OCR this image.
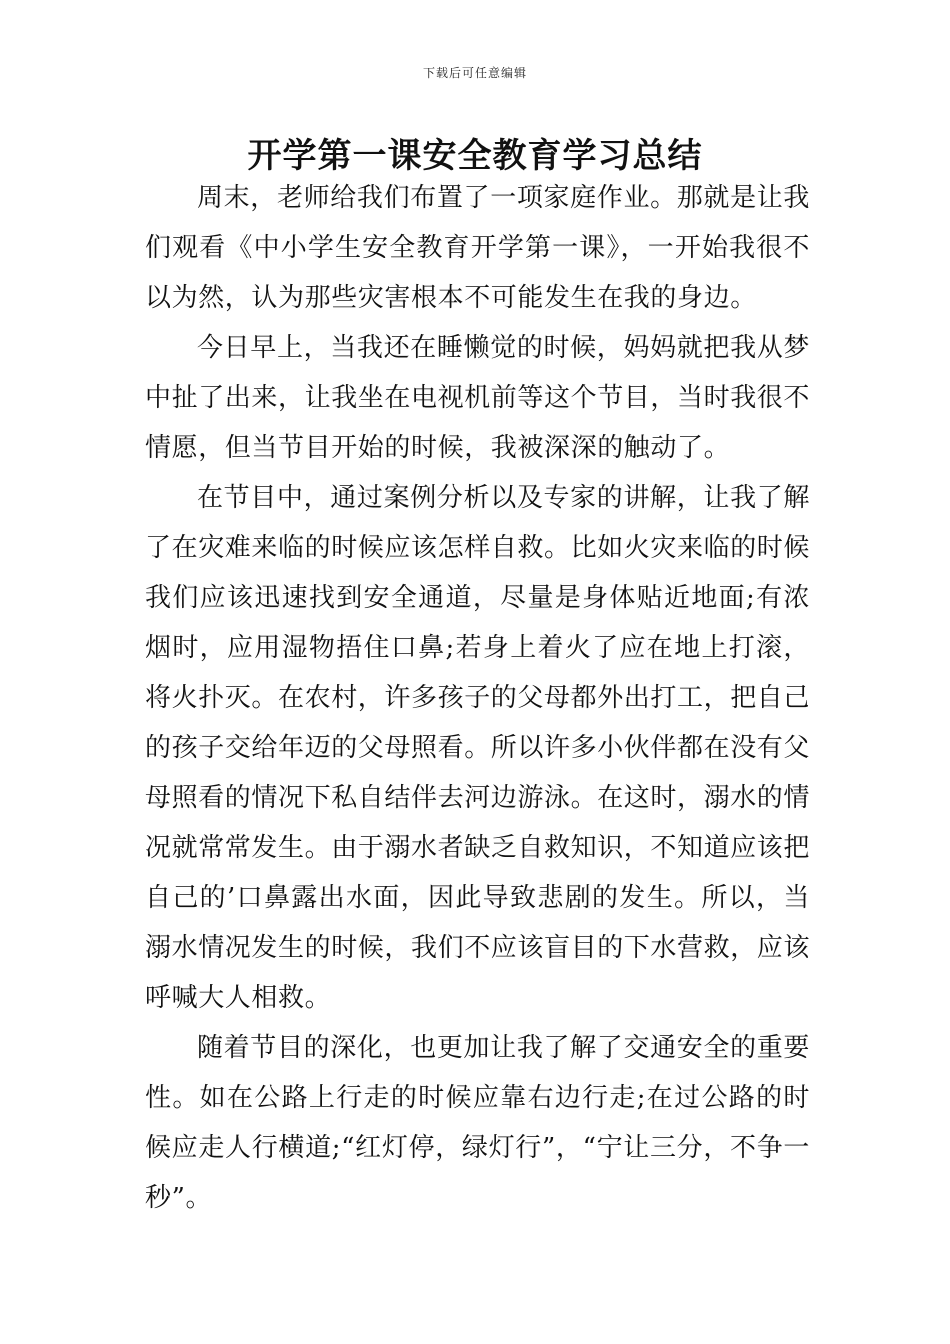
下载后可任意编辑
开学第一课安全教育学习总结

周末，老师给我们布置了一项家庭作业。那就是让我们观看《中小学生安全教育开学第一课》，一开始我很不以为然，认为那些灾害根本不可能发生在我的身边。

今日早上，当我还在睡懒觉的时候，妈妈就把我从梦中扯了出来，让我坐在电视机前等这个节目，当时我很不情愿，但当节目开始的时候，我被深深的触动了。

在节目中，通过案例分析以及专家的讲解，让我了解了在灾难来临的时候应该怎样自救。比如火灾来临的时候我们应该迅速找到安全通道，尽量是身体贴近地面;有浓烟时，应用湿物捂住口鼻;若身上着火了应在地上打滚，将火扑灭。在农村，许多孩子的父母都外出打工，把自己的孩子交给年迈的父母照看。所以许多小伙伴都在没有父母照看的情况下私自结伴去河边游泳。在这时，溺水的情况就常常发生。由于溺水者缺乏自救知识，不知道应该把自己的’口鼻露出水面，因此导致悲剧的发生。所以，当溺水情况发生的时候，我们不应该盲目的下水营救，应该呼喊大人相救。

随着节目的深化，也更加让我了解了交通安全的重要性。如在公路上行走的时候应靠右边行走;在过公路的时候应走人行横道;“红灯停，绿灯行”，“宁让三分，不争一秒”。
